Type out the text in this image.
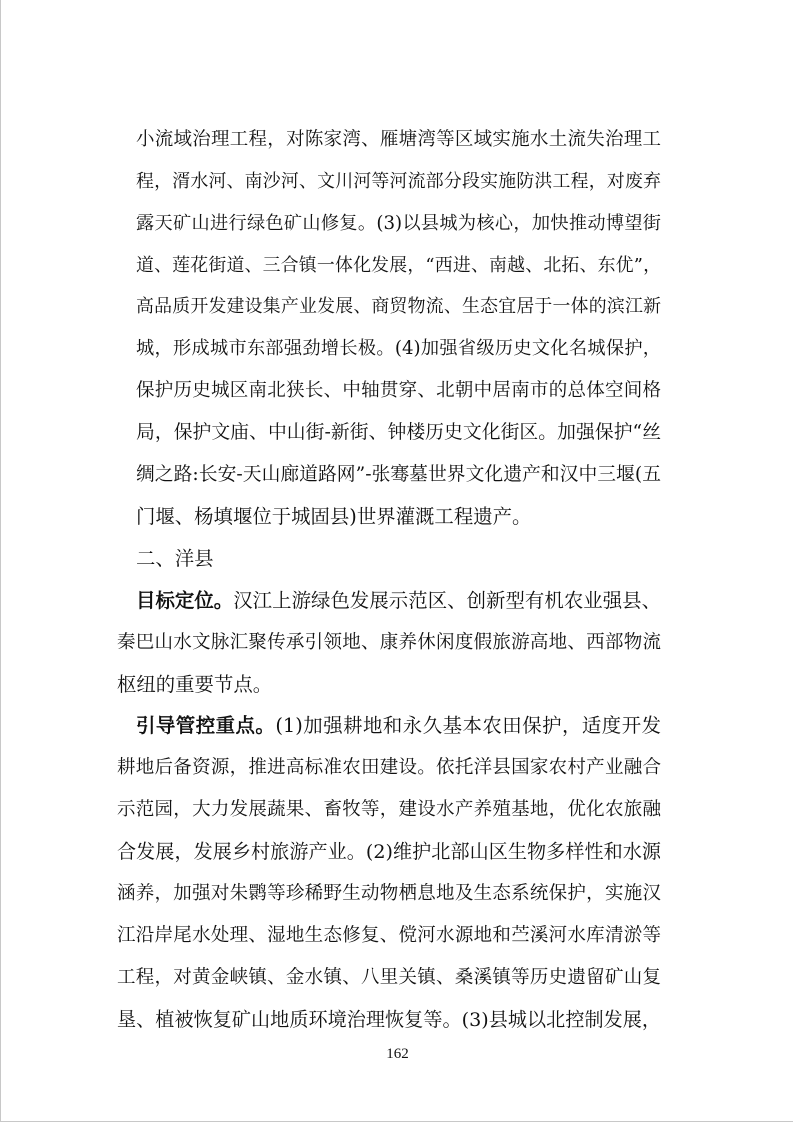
小流域治理工程，对陈家湾、雁塘湾等区域实施水土流失治理工

程，湑水河、南沙河、文川河等河流部分段实施防洪工程，对废弃

露天矿山进行绿色矿山修复。(3)以县城为核心，加快推动博望街

道、莲花街道、三合镇一体化发展，“西进、南越、北拓、东优”，

高品质开发建设集产业发展、商贸物流、生态宜居于一体的滨江新

城，形成城市东部强劲增长极。(4)加强省级历史文化名城保护，

保护历史城区南北狭长、中轴贯穿、北朝中居南市的总体空间格

局，保护文庙、中山街-新街、钟楼历史文化街区。加强保护“丝

绸之路:长安-天山廊道路网”-张骞墓世界文化遗产和汉中三堰(五

门堰、杨填堰位于城固县)世界灌溉工程遗产。

二、洋县

目标定位。汉江上游绿色发展示范区、创新型有机农业强县、

秦巴山水文脉汇聚传承引领地、康养休闲度假旅游高地、西部物流

枢纽的重要节点。

引导管控重点。(1)加强耕地和永久基本农田保护，适度开发

耕地后备资源，推进高标准农田建设。依托洋县国家农村产业融合

示范园，大力发展蔬果、畜牧等，建设水产养殖基地，优化农旅融

合发展，发展乡村旅游产业。(2)维护北部山区生物多样性和水源

涵养，加强对朱鹮等珍稀野生动物栖息地及生态系统保护，实施汉

江沿岸尾水处理、湿地生态修复、傥河水源地和苎溪河水库清淤等

工程，对黄金峡镇、金水镇、八里关镇、桑溪镇等历史遗留矿山复

垦、植被恢复矿山地质环境治理恢复等。(3)县城以北控制发展，

162
